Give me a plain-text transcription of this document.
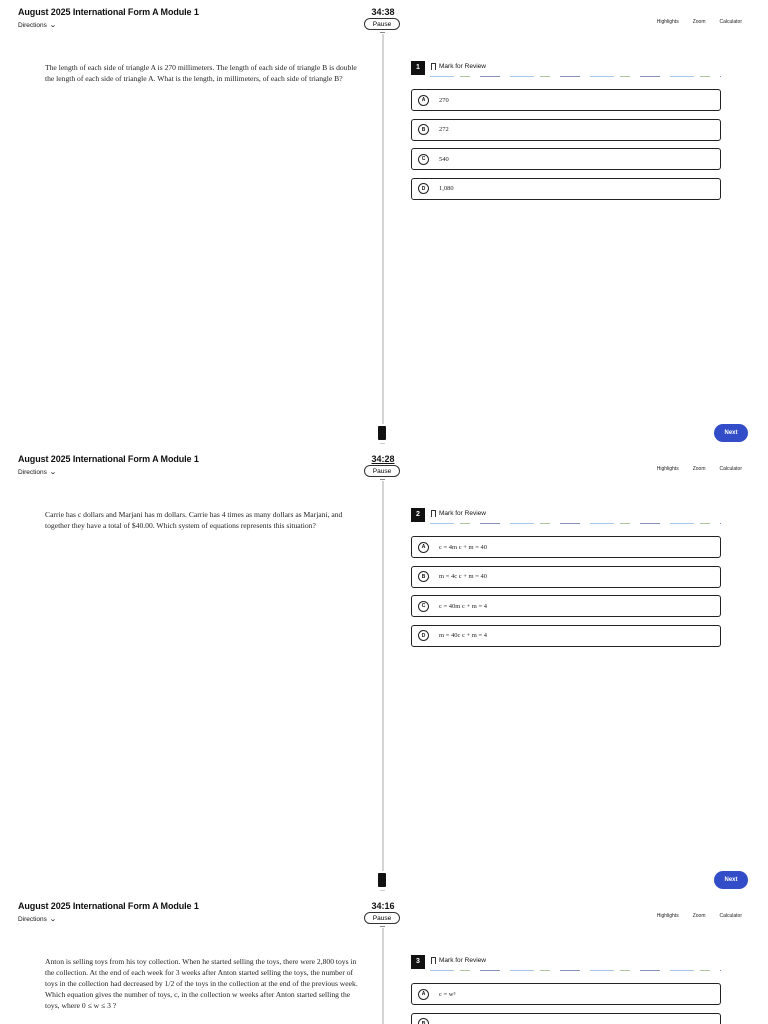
August 2025 International Form A Module 1
Directions ⌄
34:38
Pause	Highlights	Zoom	Calculator
The length of each side of triangle A is 270 millimeters. The length of each side of triangle B is double the length of each side of triangle A. What is the length, in millimeters, of each side of triangle B?
1	Mark for Review
A	270
B	272
C	540
D	1,080
Next
August 2025 International Form A Module 1
Directions ⌄
34:28
Pause	Highlights	Zoom	Calculator
Carrie has c dollars and Marjani has m dollars. Carrie has 4 times as many dollars as Marjani, and together they have a total of $40.00. Which system of equations represents this situation?
2	Mark for Review
A	c = 4m c + m = 40
B	m = 4c c + m = 40
C	c = 40m c + m = 4
D	m = 40c c + m = 4
Next
August 2025 International Form A Module 1
Directions ⌄
34:16
Pause	Highlights	Zoom	Calculator
Anton is selling toys from his toy collection. When he started selling the toys, there were 2,800 toys in the collection. At the end of each week for 3 weeks after Anton started selling the toys, the number of toys in the collection had decreased by 1/2 of the toys in the collection at the end of the previous week. Which equation gives the number of toys, c, in the collection w weeks after Anton started selling the toys, where 0 ≤ w ≤ 3 ?
3	Mark for Review
A	c = w³
B
